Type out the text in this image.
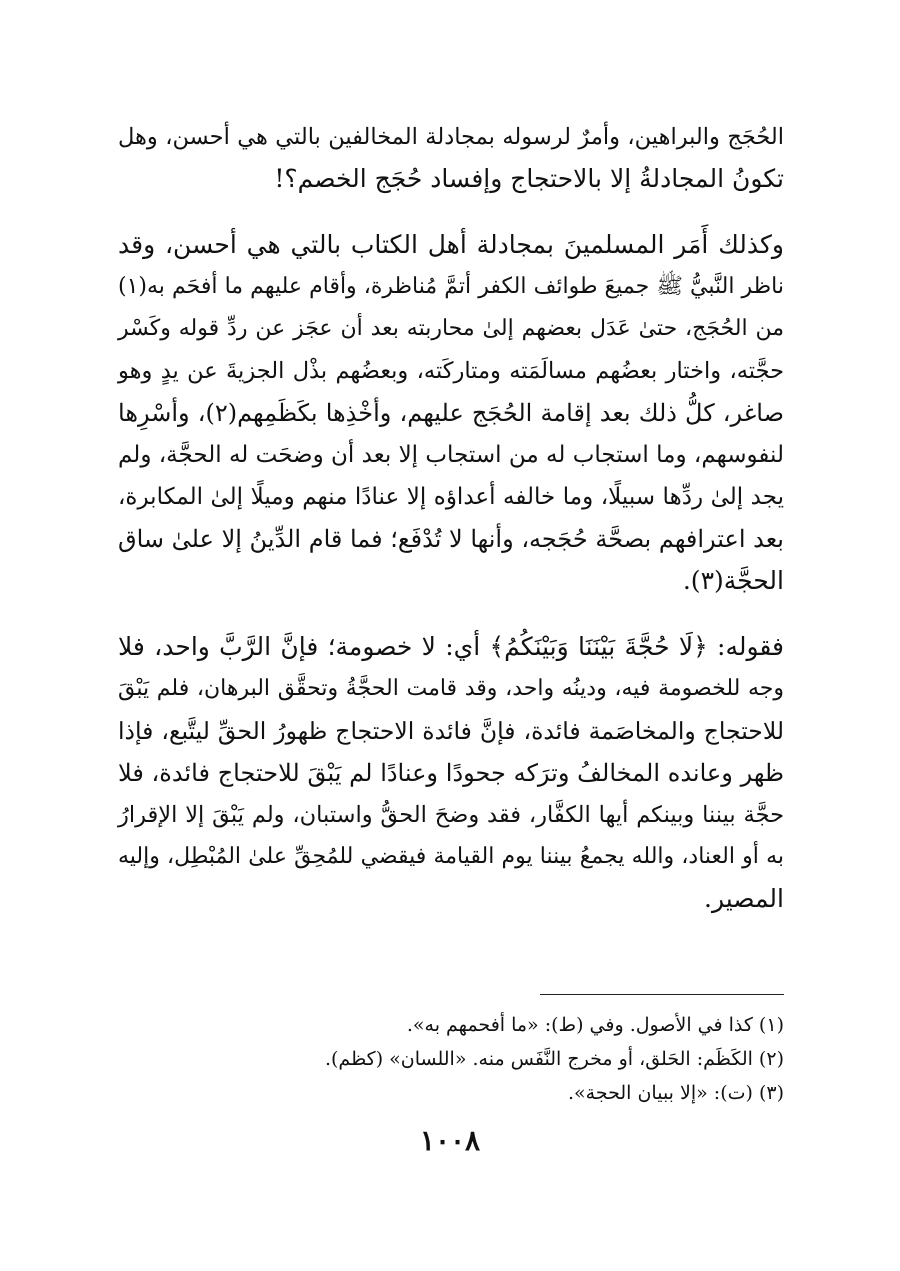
الحُجَج والبراهين، وأمرٌ لرسوله بمجادلة المخالفين بالتي هي أحسن، وهل
تكونُ المجادلةُ إلا بالاحتجاج وإفساد حُجَج الخصم؟!
وكذلك أَمَر المسلمينَ بمجادلة أهل الكتاب بالتي هي أحسن، وقد
ناظر النَّبيُّ ﷺ جميعَ طوائف الكفر أتمَّ مُناظرة، وأقام عليهم ما أفحَم به(١)
من الحُجَج، حتىٰ عَدَل بعضهم إلىٰ محاربته بعد أن عجَز عن ردِّ قوله وكَسْر
حجَّته، واختار بعضُهم مسالَمَته ومتاركَته، وبعضُهم بذْل الجزيةَ عن يدٍ وهو
صاغر، كلُّ ذلك بعد إقامة الحُجَج عليهم، وأخْذِها بكَظَمِهم(٢)، وأسْرِها
لنفوسهم، وما استجاب له من استجاب إلا بعد أن وضحَت له الحجَّة، ولم
يجد إلىٰ ردِّها سبيلًا، وما خالفه أعداؤه إلا عنادًا منهم وميلًا إلىٰ المكابرة،
بعد اعترافهم بصحَّة حُجَجه، وأنها لا تُدْفَع؛ فما قام الدِّينُ إلا علىٰ ساق
الحجَّة(٣).
فقوله: ﴿لَا حُجَّةَ بَيْنَنَا وَبَيْنَكُمُ﴾ أي: لا خصومة؛ فإنَّ الرَّبَّ واحد، فلا
وجه للخصومة فيه، ودينُه واحد، وقد قامت الحجَّةُ وتحقَّق البرهان، فلم يَبْقَ
للاحتجاج والمخاصَمة فائدة، فإنَّ فائدة الاحتجاج ظهورُ الحقِّ ليتَّبع، فإذا
ظهر وعانده المخالفُ وترَكه جحودًا وعنادًا لم يَبْقَ للاحتجاج فائدة، فلا
حجَّة بيننا وبينكم أيها الكفَّار، فقد وضحَ الحقُّ واستبان، ولم يَبْقَ إلا الإقرارُ
به أو العناد، والله يجمعُ بيننا يوم القيامة فيقضي للمُحِقِّ علىٰ المُبْطِل، وإليه
المصير.
(١) كذا في الأصول. وفي (ط): «ما أفحمهم به».
(٢) الكَظَم: الحَلق، أو مخرج النَّفَس منه. «اللسان» (كظم).
(٣) (ت): «إلا ببيان الحجة».
١٠٠٨
